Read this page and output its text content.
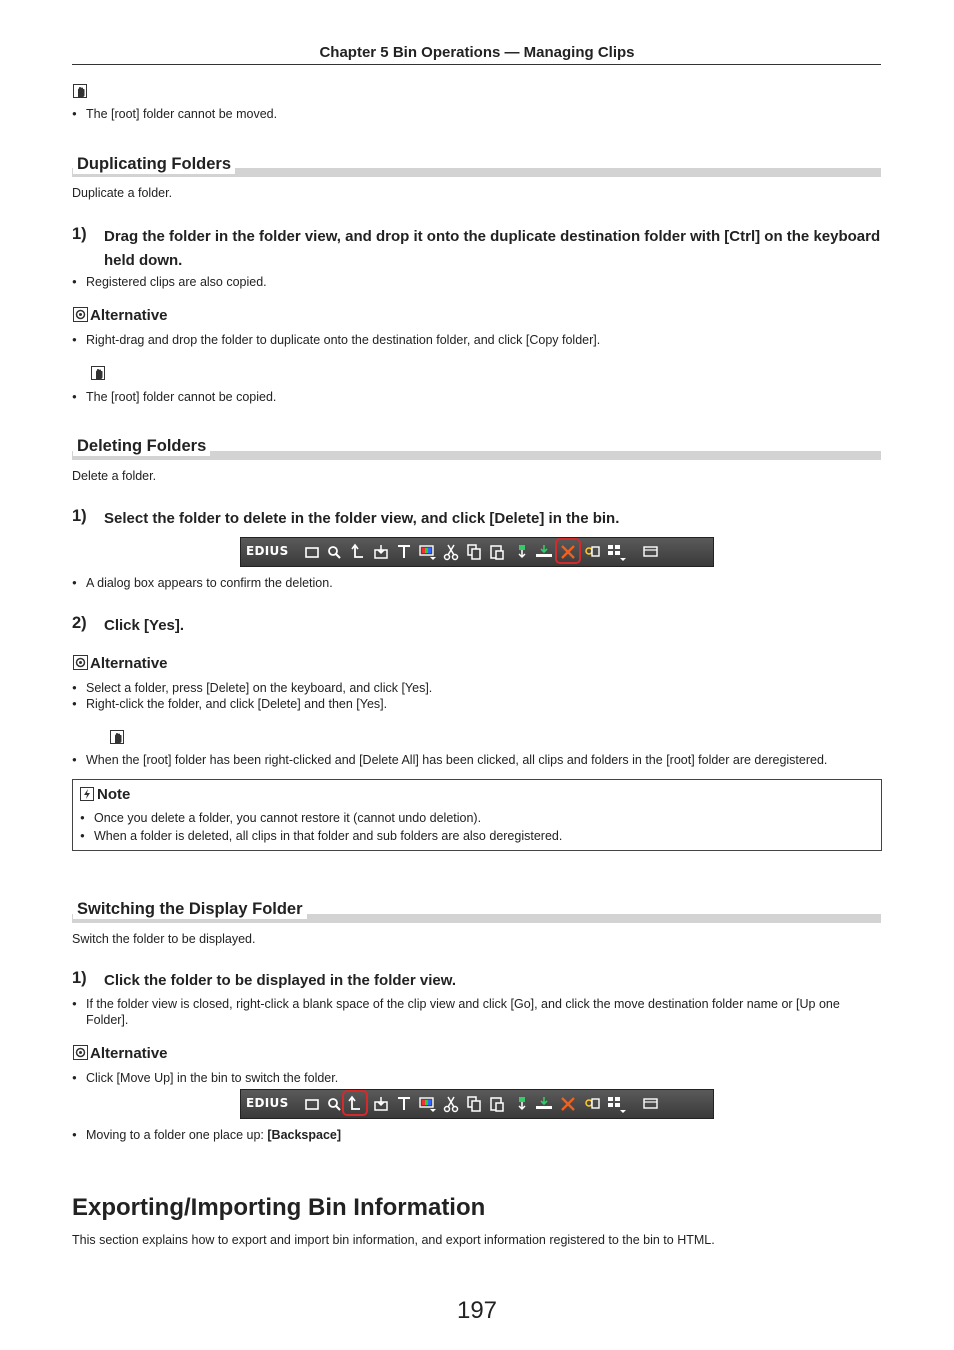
Chapter 5 Bin Operations — Managing Clips

● The [root] folder cannot be moved.
Duplicating Folders
Duplicate a folder.
1) Drag the folder in the folder view, and drop it onto the duplicate destination folder with [Ctrl] on the keyboard held down.
● Registered clips are also copied.
Alternative
● Right-drag and drop the folder to duplicate onto the destination folder, and click [Copy folder].

● The [root] folder cannot be copied.
Deleting Folders
Delete a folder.
1) Select the folder to delete in the folder view, and click [Delete] in the bin.
EDIUS
● A dialog box appears to confirm the deletion.
2) Click [Yes].
Alternative
● Select a folder, press [Delete] on the keyboard, and click [Yes].
● Right-click the folder, and click [Delete] and then [Yes].
● When the [root] folder has been right-clicked and [Delete All] has been clicked, all clips and folders in the [root] folder are deregistered.
Note
● Once you delete a folder, you cannot restore it (cannot undo deletion).
● When a folder is deleted, all clips in that folder and sub folders are also deregistered.
Switching the Display Folder
Switch the folder to be displayed.
1) Click the folder to be displayed in the folder view.
● If the folder view is closed, right-click a blank space of the clip view and click [Go], and click the move destination folder name or [Up one Folder].
Alternative
● Click [Move Up] in the bin to switch the folder.
EDIUS
● Moving to a folder one place up: [Backspace]
Exporting/Importing Bin Information
This section explains how to export and import bin information, and export information registered to the bin to HTML.
197
